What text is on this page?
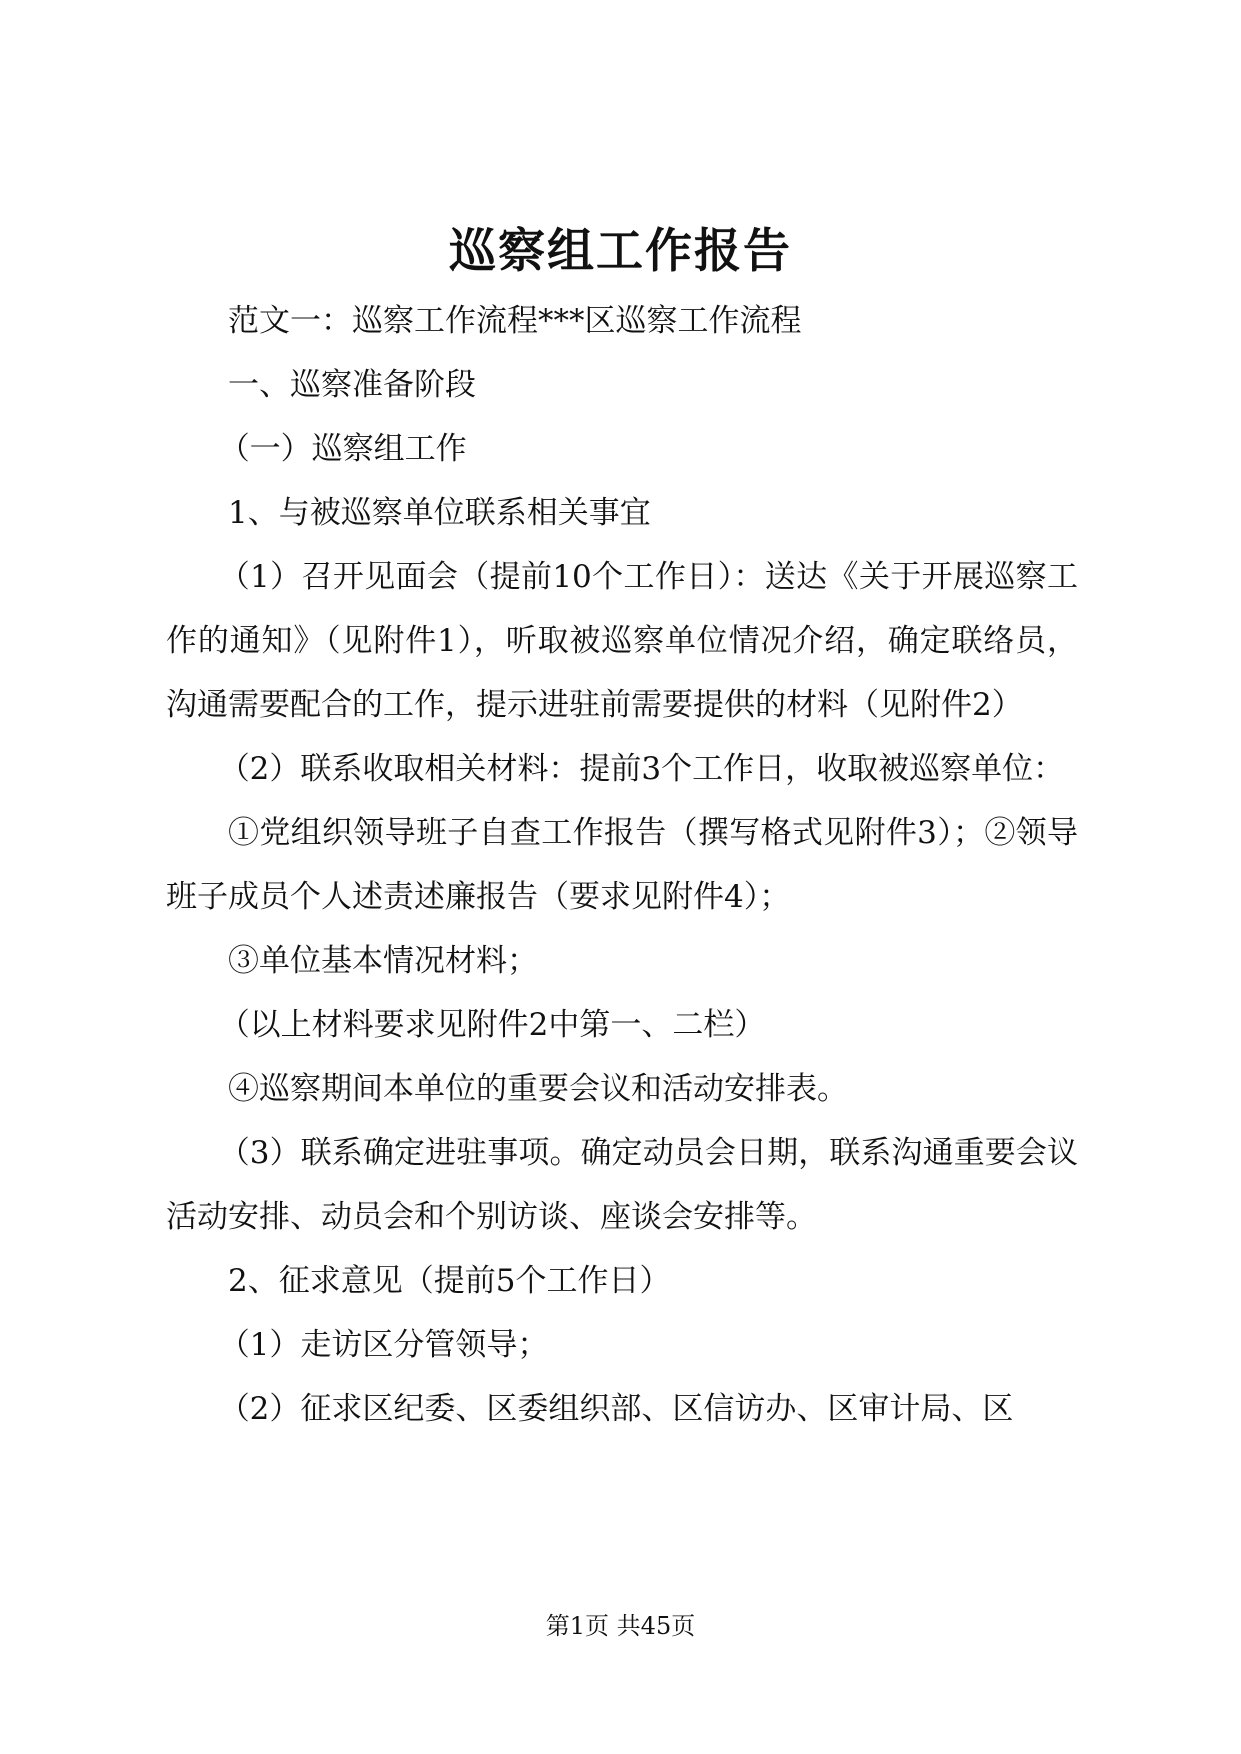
巡察组工作报告

范文一：巡察工作流程***区巡察工作流程

一、巡察准备阶段

（一）巡察组工作

1、与被巡察单位联系相关事宜

（1）召开见面会（提前10个工作日）：送达《关于开展巡察工作的通知》（见附件1），听取被巡察单位情况介绍，确定联络员，沟通需要配合的工作，提示进驻前需要提供的材料（见附件2）

（2）联系收取相关材料：提前3个工作日，收取被巡察单位：

①党组织领导班子自查工作报告（撰写格式见附件3）；②领导班子成员个人述责述廉报告（要求见附件4）；

③单位基本情况材料；

（以上材料要求见附件2中第一、二栏）

④巡察期间本单位的重要会议和活动安排表。

（3）联系确定进驻事项。确定动员会日期，联系沟通重要会议活动安排、动员会和个别访谈、座谈会安排等。

2、征求意见（提前5个工作日）

（1）走访区分管领导；

（2）征求区纪委、区委组织部、区信访办、区审计局、区

第1页 共45页
